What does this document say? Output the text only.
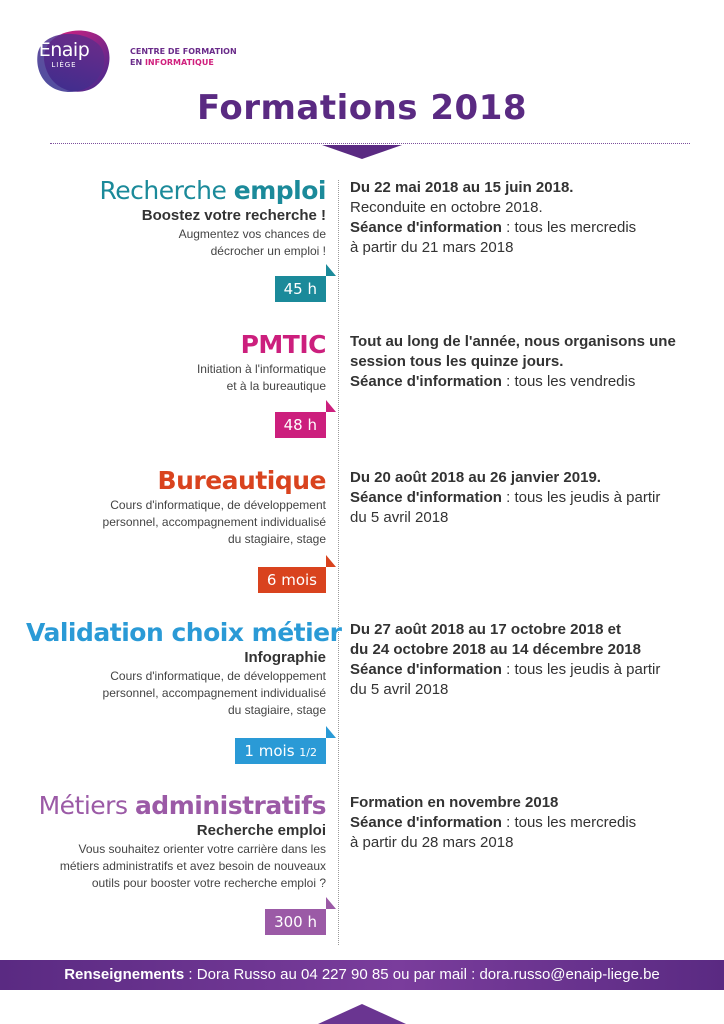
Enaip
LIÈGE
CENTRE DE FORMATION
EN INFORMATIQUE
Formations 2018
Recherche emploi
Boostez votre recherche !
Augmentez vos chances de
décrocher un emploi !
45 h

Du 22 mai 2018 au 15 juin 2018.

Reconduite en octobre 2018.

Séance d'information : tous les mercredis

à partir du 21 mars 2018

PMTIC
Initiation à l'informatique
et à la bureautique
48 h

Tout au long de l'année, nous organisons une

session tous les quinze jours.

Séance d'information : tous les vendredis

Bureautique
Cours d'informatique, de développement
personnel, accompagnement individualisé
du stagiaire, stage
6 mois

Du 20 août 2018 au 26 janvier 2019.

Séance d'information : tous les jeudis à partir

du 5 avril 2018

Validation choix métier
Infographie
Cours d'informatique, de développement
personnel, accompagnement individualisé
du stagiaire, stage
1 mois 1/2

Du 27 août 2018 au 17 octobre 2018 et

du 24 octobre 2018 au 14 décembre 2018

Séance d'information : tous les jeudis à partir

du 5 avril 2018

Métiers administratifs
Recherche emploi
Vous souhaitez orienter votre carrière dans les
métiers administratifs et avez besoin de nouveaux
outils pour booster votre recherche emploi ?
300 h

Formation en novembre 2018

Séance d'information : tous les mercredis

à partir du 28 mars 2018

Renseignements : Dora Russo au 04 227 90 85 ou par mail : dora.russo@enaip-liege.be
